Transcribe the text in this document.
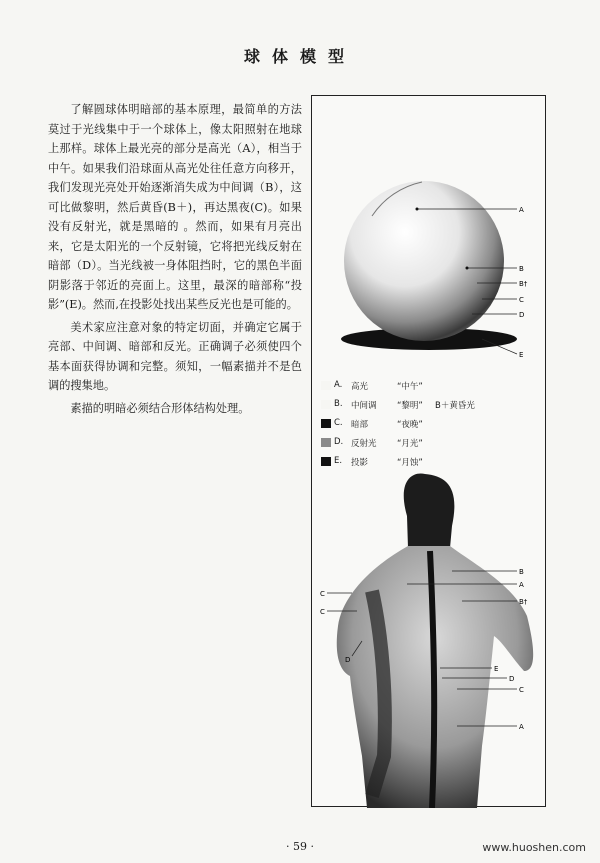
球体模型

了解圆球体明暗部的基本原理，最简单的方法莫过于光线集中于一个球体上，像太阳照射在地球上那样。球体上最光亮的部分是高光（A），相当于中午。如果我们沿球面从高光处往任意方向移开，我们发现光亮处开始逐渐消失成为中间调（B），这可比做黎明，然后黄昏(B＋)，再达黑夜(C)。如果没有反射光，就是黑暗的 。然而，如果有月亮出来，它是太阳光的一个反射镜，它将把光线反射在暗部（D）。当光线被一身体阻挡时，它的黑色半面阴影落于邻近的亮面上。这里，最深的暗部称“投影”(E)。然而,在投影处找出某些反光也是可能的。

美术家应注意对象的特定切面，并确定它属于亮部、中间调、暗部和反光。正确调子必须使四个基本面获得协调和完整。须知，一幅素描并不是色调的搜集地。

素描的明暗必须结合形体结构处理。

A
B
B†
C
D
E
B
A
B†
C
E
D
A
C
C
D
A. 高光	“中午”
B. 中间调 “黎明” B＋黄昏光
C. 暗部	“夜晚”
D. 反射光 “月光”
E. 投影	“月蚀”
· 59 ·	www.huoshen.com
